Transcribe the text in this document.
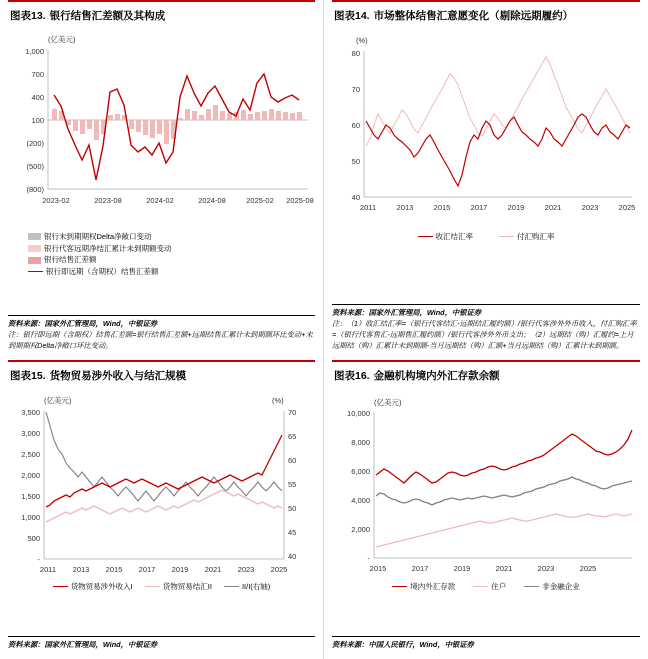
图表13. 银行结售汇差额及其构成
(亿美元)
1,000
700
400
100
(200)
(500)
(800)
2023-02	2023-08	2024-02	2024-08	2025-02 2025-08
银行未到期期权Delta净敞口变动
银行代客远期净结汇累计未到期额变动
银行结售汇差额
银行即远期（含期权）结售汇差额
资料来源：国家外汇管理局，Wind，中银证券
注：银行即远期（含期权）结售汇差额=银行结售汇差额+远期结售汇累计未到期额环比变动+未到期期权Delta净敞口环比变动。
图表14. 市场整体结售汇意愿变化（剔除远期履约）
(%)
80
70
60
50
40
2011	2013	2015	2017	2019	2021	2023	2025
收汇结汇率	付汇购汇率
资料来源：国家外汇管理局，Wind，中银证券
注：（1）收汇结汇率=（银行代客结汇-远期结汇履约额）/银行代客涉外外币收入，付汇购汇率=（银行代客售汇-远期售汇履约额）/银行代客涉外外币支出；（2）远期结（购）汇履约=上月远期结（购）汇累计未到期额-当月远期结（购）汇额+当月远期结（购）汇累计未到期额。
图表15. 货物贸易涉外收入与结汇规模
(亿美元)	(%)
3,500
3,000
2,500
2,000
1,500
1,000
500
-
70
65
60
55
50
45
40
2011 2013 2015 2017 2019 2021 2023 2025
货物贸易涉外收入I	货物贸易结汇II	II/I(右轴)
资料来源：国家外汇管理局，Wind，中银证券
图表16. 金融机构境内外汇存款余额
(亿美元)
10,000
8,000
6,000
4,000
2,000
-
2015	2017	2019	2021	2023	2025
境内外汇存款	住户	非金融企业
资料来源：中国人民银行，Wind，中银证券
